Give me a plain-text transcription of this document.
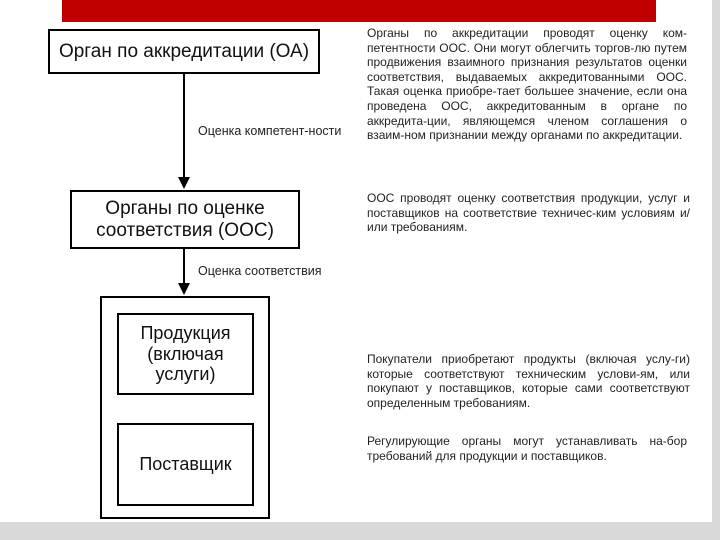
Орган по аккредитации (ОА)
Оценка компетент-ности
Органы по оценке
соответствия (ООС)
Оценка соответствия
Продукция
(включая
услуги)
Поставщик

Органы по аккредитации проводят оценку ком-петентности ООС. Они могут облегчить торгов-лю путем продвижения взаимного признания результатов оценки соответствия, выдаваемых аккредитованными ООС. Такая оценка приобре-тает большее значение, если она проведена ООС, аккредитованным в органе по аккредита-ции, являющемся членом соглашения о взаим-ном признании между органами по аккредитации.

ООС проводят оценку соответствия продукции, услуг и поставщиков на соответствие техничес-ким условиям и/или требованиям.

Покупатели приобретают продукты (включая услу-ги) которые соответствуют техническим услови-ям, или покупают у поставщиков, которые сами соответствуют определенным требованиям.

Регулирующие органы могут устанавливать на-бор требований для продукции и поставщиков.
